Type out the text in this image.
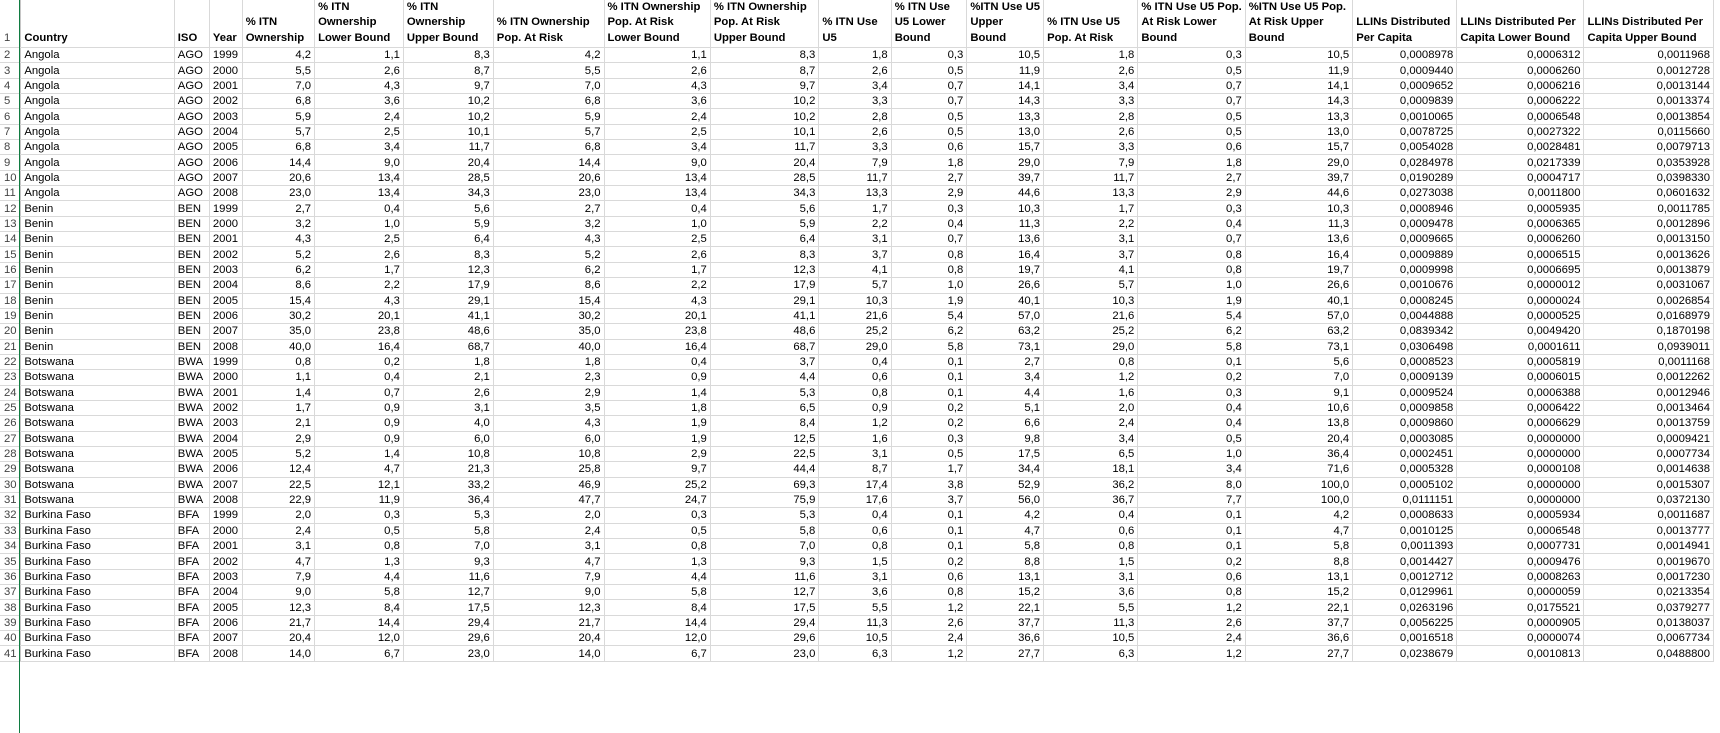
1	Country	ISO	Year	% ITN Ownership	% ITN Ownership Lower Bound	% ITN Ownership Upper Bound	% ITN Ownership Pop. At Risk	% ITN Ownership Pop. At Risk Lower Bound	% ITN Ownership Pop. At Risk Upper Bound	% ITN Use U5	% ITN Use U5 Lower Bound	%ITN Use U5 Upper Bound	% ITN Use U5 Pop. At Risk	% ITN Use U5 Pop. At Risk Lower Bound	%ITN Use U5 Pop. At Risk Upper Bound	LLINs Distributed Per Capita	LLINs Distributed Per Capita Lower Bound	LLINs Distributed Per Capita Upper Bound
2	Angola	AGO	1999	4,2	1,1	8,3	4,2	1,1	8,3	1,8	0,3	10,5	1,8	0,3	10,5	0,0008978	0,0006312	0,0011968
3	Angola	AGO	2000	5,5	2,6	8,7	5,5	2,6	8,7	2,6	0,5	11,9	2,6	0,5	11,9	0,0009440	0,0006260	0,0012728
4	Angola	AGO	2001	7,0	4,3	9,7	7,0	4,3	9,7	3,4	0,7	14,1	3,4	0,7	14,1	0,0009652	0,0006216	0,0013144
5	Angola	AGO	2002	6,8	3,6	10,2	6,8	3,6	10,2	3,3	0,7	14,3	3,3	0,7	14,3	0,0009839	0,0006222	0,0013374
6	Angola	AGO	2003	5,9	2,4	10,2	5,9	2,4	10,2	2,8	0,5	13,3	2,8	0,5	13,3	0,0010065	0,0006548	0,0013854
7	Angola	AGO	2004	5,7	2,5	10,1	5,7	2,5	10,1	2,6	0,5	13,0	2,6	0,5	13,0	0,0078725	0,0027322	0,0115660
8	Angola	AGO	2005	6,8	3,4	11,7	6,8	3,4	11,7	3,3	0,6	15,7	3,3	0,6	15,7	0,0054028	0,0028481	0,0079713
9	Angola	AGO	2006	14,4	9,0	20,4	14,4	9,0	20,4	7,9	1,8	29,0	7,9	1,8	29,0	0,0284978	0,0217339	0,0353928
10	Angola	AGO	2007	20,6	13,4	28,5	20,6	13,4	28,5	11,7	2,7	39,7	11,7	2,7	39,7	0,0190289	0,0004717	0,0398330
11	Angola	AGO	2008	23,0	13,4	34,3	23,0	13,4	34,3	13,3	2,9	44,6	13,3	2,9	44,6	0,0273038	0,0011800	0,0601632
12	Benin	BEN	1999	2,7	0,4	5,6	2,7	0,4	5,6	1,7	0,3	10,3	1,7	0,3	10,3	0,0008946	0,0005935	0,0011785
13	Benin	BEN	2000	3,2	1,0	5,9	3,2	1,0	5,9	2,2	0,4	11,3	2,2	0,4	11,3	0,0009478	0,0006365	0,0012896
14	Benin	BEN	2001	4,3	2,5	6,4	4,3	2,5	6,4	3,1	0,7	13,6	3,1	0,7	13,6	0,0009665	0,0006260	0,0013150
15	Benin	BEN	2002	5,2	2,6	8,3	5,2	2,6	8,3	3,7	0,8	16,4	3,7	0,8	16,4	0,0009889	0,0006515	0,0013626
16	Benin	BEN	2003	6,2	1,7	12,3	6,2	1,7	12,3	4,1	0,8	19,7	4,1	0,8	19,7	0,0009998	0,0006695	0,0013879
17	Benin	BEN	2004	8,6	2,2	17,9	8,6	2,2	17,9	5,7	1,0	26,6	5,7	1,0	26,6	0,0010676	0,0000012	0,0031067
18	Benin	BEN	2005	15,4	4,3	29,1	15,4	4,3	29,1	10,3	1,9	40,1	10,3	1,9	40,1	0,0008245	0,0000024	0,0026854
19	Benin	BEN	2006	30,2	20,1	41,1	30,2	20,1	41,1	21,6	5,4	57,0	21,6	5,4	57,0	0,0044888	0,0000525	0,0168979
20	Benin	BEN	2007	35,0	23,8	48,6	35,0	23,8	48,6	25,2	6,2	63,2	25,2	6,2	63,2	0,0839342	0,0049420	0,1870198
21	Benin	BEN	2008	40,0	16,4	68,7	40,0	16,4	68,7	29,0	5,8	73,1	29,0	5,8	73,1	0,0306498	0,0001611	0,0939011
22	Botswana	BWA	1999	0,8	0,2	1,8	1,8	0,4	3,7	0,4	0,1	2,7	0,8	0,1	5,6	0,0008523	0,0005819	0,0011168
23	Botswana	BWA	2000	1,1	0,4	2,1	2,3	0,9	4,4	0,6	0,1	3,4	1,2	0,2	7,0	0,0009139	0,0006015	0,0012262
24	Botswana	BWA	2001	1,4	0,7	2,6	2,9	1,4	5,3	0,8	0,1	4,4	1,6	0,3	9,1	0,0009524	0,0006388	0,0012946
25	Botswana	BWA	2002	1,7	0,9	3,1	3,5	1,8	6,5	0,9	0,2	5,1	2,0	0,4	10,6	0,0009858	0,0006422	0,0013464
26	Botswana	BWA	2003	2,1	0,9	4,0	4,3	1,9	8,4	1,2	0,2	6,6	2,4	0,4	13,8	0,0009860	0,0006629	0,0013759
27	Botswana	BWA	2004	2,9	0,9	6,0	6,0	1,9	12,5	1,6	0,3	9,8	3,4	0,5	20,4	0,0003085	0,0000000	0,0009421
28	Botswana	BWA	2005	5,2	1,4	10,8	10,8	2,9	22,5	3,1	0,5	17,5	6,5	1,0	36,4	0,0002451	0,0000000	0,0007734
29	Botswana	BWA	2006	12,4	4,7	21,3	25,8	9,7	44,4	8,7	1,7	34,4	18,1	3,4	71,6	0,0005328	0,0000108	0,0014638
30	Botswana	BWA	2007	22,5	12,1	33,2	46,9	25,2	69,3	17,4	3,8	52,9	36,2	8,0	100,0	0,0005102	0,0000000	0,0015307
31	Botswana	BWA	2008	22,9	11,9	36,4	47,7	24,7	75,9	17,6	3,7	56,0	36,7	7,7	100,0	0,0111151	0,0000000	0,0372130
32	Burkina Faso	BFA	1999	2,0	0,3	5,3	2,0	0,3	5,3	0,4	0,1	4,2	0,4	0,1	4,2	0,0008633	0,0005934	0,0011687
33	Burkina Faso	BFA	2000	2,4	0,5	5,8	2,4	0,5	5,8	0,6	0,1	4,7	0,6	0,1	4,7	0,0010125	0,0006548	0,0013777
34	Burkina Faso	BFA	2001	3,1	0,8	7,0	3,1	0,8	7,0	0,8	0,1	5,8	0,8	0,1	5,8	0,0011393	0,0007731	0,0014941
35	Burkina Faso	BFA	2002	4,7	1,3	9,3	4,7	1,3	9,3	1,5	0,2	8,8	1,5	0,2	8,8	0,0014427	0,0009476	0,0019670
36	Burkina Faso	BFA	2003	7,9	4,4	11,6	7,9	4,4	11,6	3,1	0,6	13,1	3,1	0,6	13,1	0,0012712	0,0008263	0,0017230
37	Burkina Faso	BFA	2004	9,0	5,8	12,7	9,0	5,8	12,7	3,6	0,8	15,2	3,6	0,8	15,2	0,0129961	0,0000059	0,0213354
38	Burkina Faso	BFA	2005	12,3	8,4	17,5	12,3	8,4	17,5	5,5	1,2	22,1	5,5	1,2	22,1	0,0263196	0,0175521	0,0379277
39	Burkina Faso	BFA	2006	21,7	14,4	29,4	21,7	14,4	29,4	11,3	2,6	37,7	11,3	2,6	37,7	0,0056225	0,0000905	0,0138037
40	Burkina Faso	BFA	2007	20,4	12,0	29,6	20,4	12,0	29,6	10,5	2,4	36,6	10,5	2,4	36,6	0,0016518	0,0000074	0,0067734
41	Burkina Faso	BFA	2008	14,0	6,7	23,0	14,0	6,7	23,0	6,3	1,2	27,7	6,3	1,2	27,7	0,0238679	0,0010813	0,0488800
